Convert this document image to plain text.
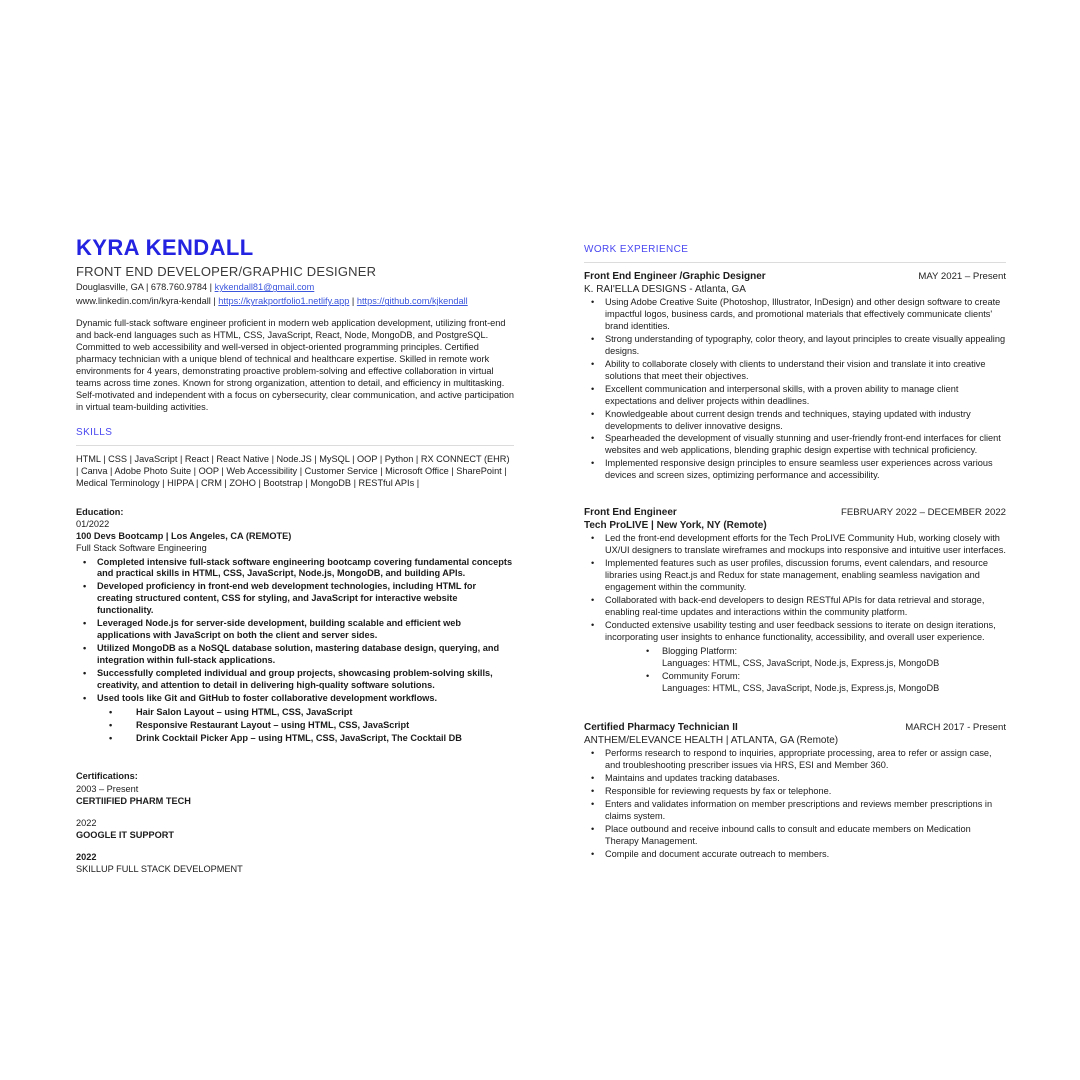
KYRA KENDALL
FRONT END DEVELOPER/GRAPHIC DESIGNER
Douglasville, GA | 678.760.9784 | kykendall81@gmail.com
www.linkedin.com/in/kyra-kendall | https://kyrakportfolio1.netlify.app | https://github.com/kjkendall

Dynamic full-stack software engineer proficient in modern web application development, utilizing front-end and back-end languages such as HTML, CSS, JavaScript, React, Node, MongoDB, and PostgreSQL. Committed to web accessibility and well-versed in object-oriented programming principles. Certified pharmacy technician with a unique blend of technical and healthcare expertise. Skilled in remote work environments for 4 years, demonstrating proactive problem-solving and effective collaboration in virtual teams across time zones. Known for strong organization, attention to detail, and efficiency in multitasking. Self-motivated and independent with a focus on cybersecurity, clear communication, and active participation in virtual team-building activities.

SKILLS

HTML | CSS | JavaScript | React | React Native | Node.JS | MySQL | OOP | Python | RX CONNECT (EHR) | Canva | Adobe Photo Suite | OOP | Web Accessibility | Customer Service | Microsoft Office | SharePoint | Medical Terminology | HIPPA | CRM | ZOHO | Bootstrap | MongoDB | RESTful APIs |

Education:
01/2022
100 Devs Bootcamp | Los Angeles, CA (REMOTE)
Full Stack Software Engineering
• Completed intensive full-stack software engineering bootcamp covering fundamental concepts and practical skills in HTML, CSS, JavaScript, Node.js, MongoDB, and building APIs.
• Developed proficiency in front-end web development technologies, including HTML for creating structured content, CSS for styling, and JavaScript for interactive website functionality.
• Leveraged Node.js for server-side development, building scalable and efficient web applications with JavaScript on both the client and server sides.
• Utilized MongoDB as a NoSQL database solution, mastering database design, querying, and integration within full-stack applications.
• Successfully completed individual and group projects, showcasing problem-solving skills, creativity, and attention to detail in delivering high-quality software solutions.
• Used tools like Git and GitHub to foster collaborative development workflows.
• Hair Salon Layout – using HTML, CSS, JavaScript
• Responsive Restaurant Layout – using HTML, CSS, JavaScript
• Drink Cocktail Picker App – using HTML, CSS, JavaScript, The Cocktail DB
Certifications:
2003 – Present
CERTIIFIED PHARM TECH
2022
GOOGLE IT SUPPORT
2022
SKILLUP FULL STACK DEVELOPMENT
WORK EXPERIENCE
Front End Engineer /Graphic Designer	MAY 2021 – Present
K. RAI'ELLA DESIGNS - Atlanta, GA
• Using Adobe Creative Suite (Photoshop, Illustrator, InDesign) and other design software to create impactful logos, business cards, and promotional materials that effectively communicate clients' brand identities.
• Strong understanding of typography, color theory, and layout principles to create visually appealing designs.
• Ability to collaborate closely with clients to understand their vision and translate it into creative solutions that meet their objectives.
• Excellent communication and interpersonal skills, with a proven ability to manage client expectations and deliver projects within deadlines.
• Knowledgeable about current design trends and techniques, staying updated with industry developments to deliver innovative designs.
• Spearheaded the development of visually stunning and user-friendly front-end interfaces for client websites and web applications, blending graphic design expertise with technical proficiency.
• Implemented responsive design principles to ensure seamless user experiences across various devices and screen sizes, optimizing performance and accessibility.
Front End Engineer	FEBRUARY 2022 – DECEMBER 2022
Tech ProLIVE | New York, NY (Remote)
• Led the front-end development efforts for the Tech ProLIVE Community Hub, working closely with UX/UI designers to translate wireframes and mockups into responsive and intuitive user interfaces.
• Implemented features such as user profiles, discussion forums, event calendars, and resource libraries using React.js and Redux for state management, enabling seamless navigation and engagement within the community.
• Collaborated with back-end developers to design RESTful APIs for data retrieval and storage, enabling real-time updates and interactions within the community platform.
• Conducted extensive usability testing and user feedback sessions to iterate on design iterations, incorporating user insights to enhance functionality, accessibility, and overall user experience.
• Blogging Platform:
Languages: HTML, CSS, JavaScript, Node.js, Express.js, MongoDB
• Community Forum:
Languages: HTML, CSS, JavaScript, Node.js, Express.js, MongoDB
Certified Pharmacy Technician II	MARCH 2017 - Present
ANTHEM/ELEVANCE HEALTH | ATLANTA, GA (Remote)
• Performs research to respond to inquiries, appropriate processing, area to refer or assign case, and troubleshooting prescriber issues via HRS, ESI and Member 360.
• Maintains and updates tracking databases.
• Responsible for reviewing requests by fax or telephone.
• Enters and validates information on member prescriptions and reviews member prescriptions in claims system.
• Place outbound and receive inbound calls to consult and educate members on Medication Therapy Management.
• Compile and document accurate outreach to members.
